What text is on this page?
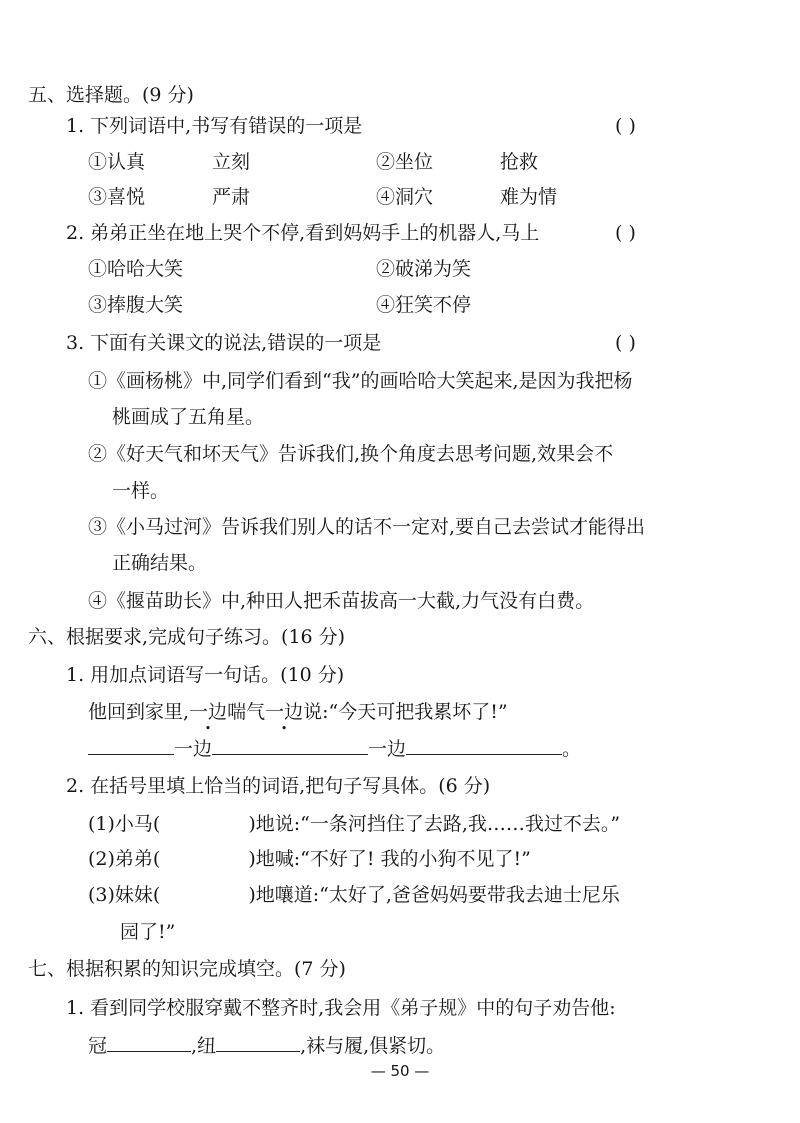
五、选择题。(9 分)
1. 下列词语中,书写有错误的一项是	( )
①认真	立刻	②坐位	抢救
③喜悦	严肃	④洞穴	难为情
2. 弟弟正坐在地上哭个不停,看到妈妈手上的机器人,马上	( )
①哈哈大笑	②破涕为笑
③捧腹大笑	④狂笑不停
3. 下面有关课文的说法,错误的一项是	( )
①《画杨桃》中,同学们看到“我”的画哈哈大笑起来,是因为我把杨
桃画成了五角星。
②《好天气和坏天气》告诉我们,换个角度去思考问题,效果会不
一样。
③《小马过河》告诉我们别人的话不一定对,要自己去尝试才能得出
正确结果。
④《揠苗助长》中,种田人把禾苗拔高一大截,力气没有白费。
六、根据要求,完成句子练习。(16 分)
1. 用加点词语写一句话。(10 分)
他回到家里,一边喘气一边说:“今天可把我累坏了!”
一边	一边	。
2. 在括号里填上恰当的词语,把句子写具体。(6 分)
(1)小马(	)地说:“一条河挡住了去路,我……我过不去。”
(2)弟弟(	)地喊:“不好了! 我的小狗不见了!”
(3)妹妹(	)地嚷道:“太好了,爸爸妈妈要带我去迪士尼乐
园了!”
七、根据积累的知识完成填空。(7 分)
1. 看到同学校服穿戴不整齐时,我会用《弟子规》中的句子劝告他:
冠	,纽	,袜与履,俱紧切。
— 50 —
